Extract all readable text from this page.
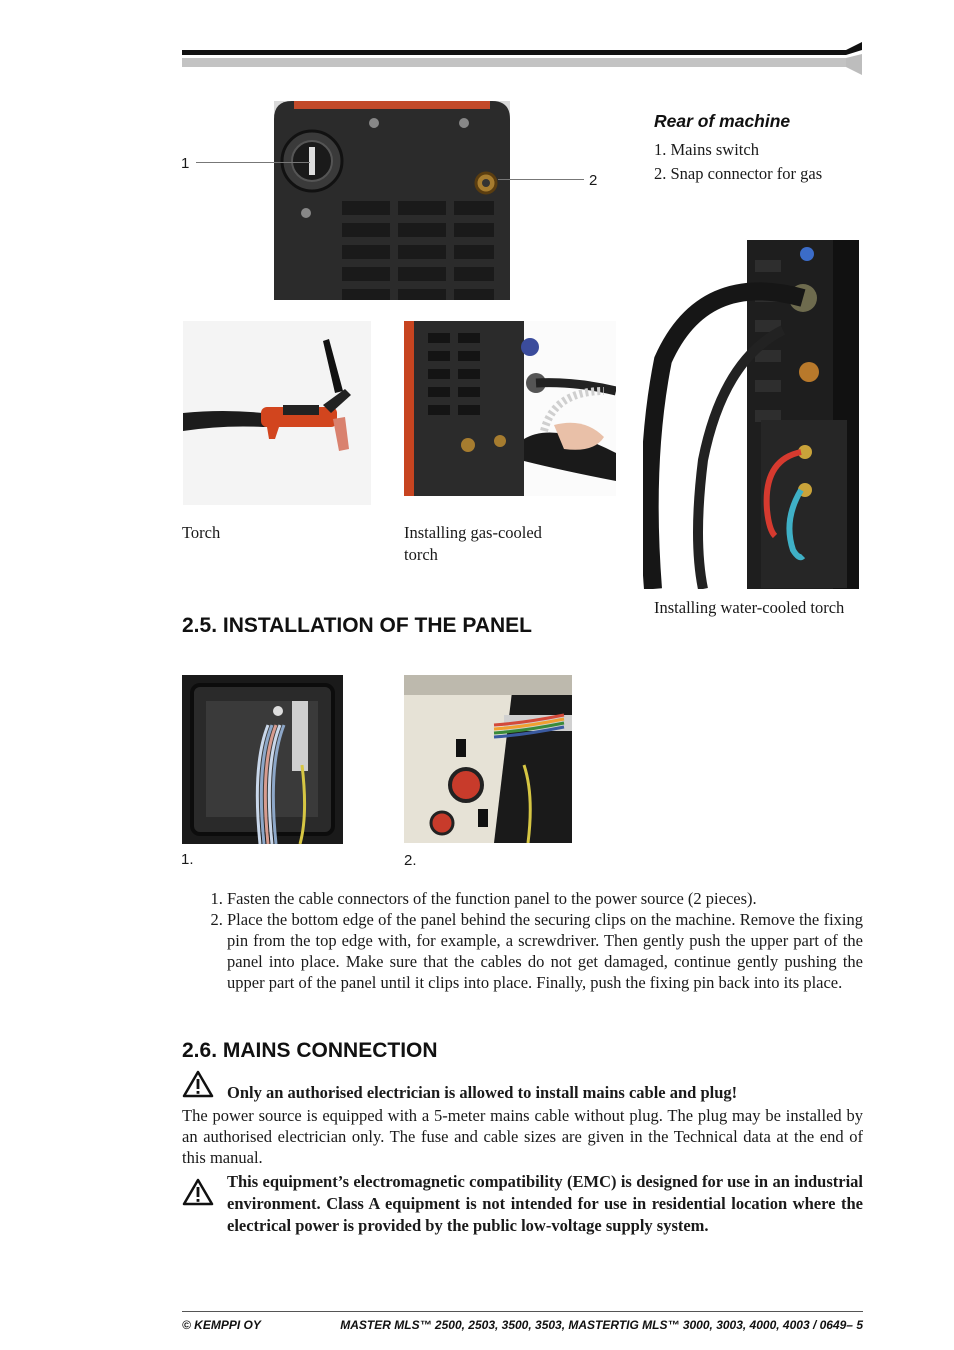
1
2
Rear of machine
1. Mains switch
2. Snap connector for gas
Torch	Installing gas-cooled torch
Installing water-cooled torch
2.5. INSTALLATION OF THE PANEL
1.	2.
1. Fasten the cable connectors of the function panel to the power source (2 pieces).
2. Place the bottom edge of the panel behind the securing clips on the machine. Remove the fixing pin from the top edge with, for example, a screwdriver. Then gently push the upper part of the panel into place. Make sure that the cables do not get damaged, continue gently pushing the upper part of the panel until it clips into place. Finally, push the fixing pin back into its place.
2.6. MAINS CONNECTION
Only an authorised electrician is allowed to install mains cable and plug!
The power source is equipped with a 5-meter mains cable without plug. The plug may be installed by an authorised electrician only. The fuse and cable sizes are given in the Technical data at the end of this manual.
This equipment’s electromagnetic compatibility (EMC) is designed for use in an industrial environment. Class A equipment is not intended for use in residential location where the electrical power is provided by the public low-voltage supply system.
© KEMPPI OY	MASTER MLS™ 2500, 2503, 3500, 3503, MASTERTIG MLS™ 3000, 3003, 4000, 4003 / 0649– 5
